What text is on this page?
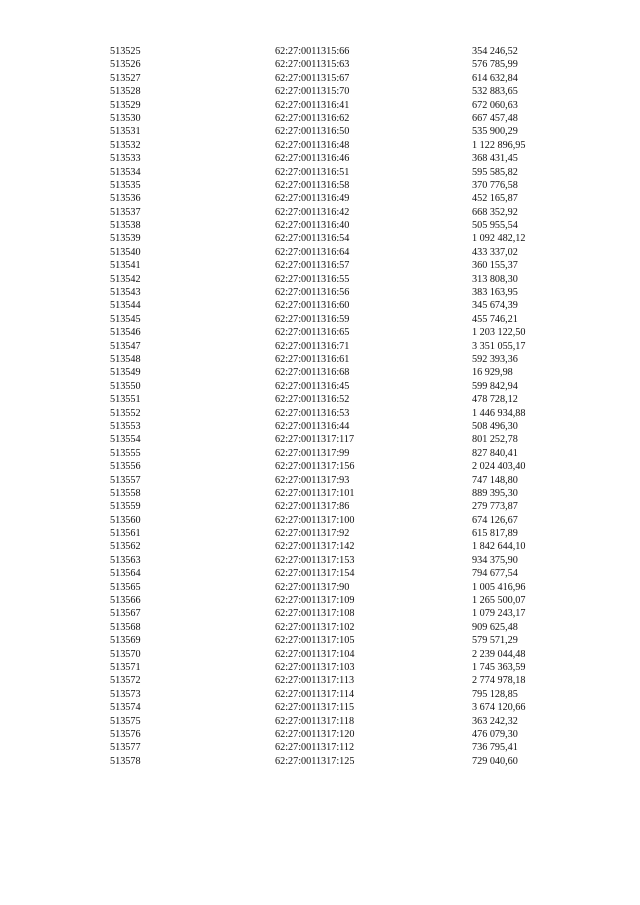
513525	62:27:0011315:66	354 246,52
513526	62:27:0011315:63	576 785,99
513527	62:27:0011315:67	614 632,84
513528	62:27:0011315:70	532 883,65
513529	62:27:0011316:41	672 060,63
513530	62:27:0011316:62	667 457,48
513531	62:27:0011316:50	535 900,29
513532	62:27:0011316:48	1 122 896,95
513533	62:27:0011316:46	368 431,45
513534	62:27:0011316:51	595 585,82
513535	62:27:0011316:58	370 776,58
513536	62:27:0011316:49	452 165,87
513537	62:27:0011316:42	668 352,92
513538	62:27:0011316:40	505 955,54
513539	62:27:0011316:54	1 092 482,12
513540	62:27:0011316:64	433 337,02
513541	62:27:0011316:57	360 155,37
513542	62:27:0011316:55	313 808,30
513543	62:27:0011316:56	383 163,95
513544	62:27:0011316:60	345 674,39
513545	62:27:0011316:59	455 746,21
513546	62:27:0011316:65	1 203 122,50
513547	62:27:0011316:71	3 351 055,17
513548	62:27:0011316:61	592 393,36
513549	62:27:0011316:68	16 929,98
513550	62:27:0011316:45	599 842,94
513551	62:27:0011316:52	478 728,12
513552	62:27:0011316:53	1 446 934,88
513553	62:27:0011316:44	508 496,30
513554	62:27:0011317:117	801 252,78
513555	62:27:0011317:99	827 840,41
513556	62:27:0011317:156	2 024 403,40
513557	62:27:0011317:93	747 148,80
513558	62:27:0011317:101	889 395,30
513559	62:27:0011317:86	279 773,87
513560	62:27:0011317:100	674 126,67
513561	62:27:0011317:92	615 817,89
513562	62:27:0011317:142	1 842 644,10
513563	62:27:0011317:153	934 375,90
513564	62:27:0011317:154	794 677,54
513565	62:27:0011317:90	1 005 416,96
513566	62:27:0011317:109	1 265 500,07
513567	62:27:0011317:108	1 079 243,17
513568	62:27:0011317:102	909 625,48
513569	62:27:0011317:105	579 571,29
513570	62:27:0011317:104	2 239 044,48
513571	62:27:0011317:103	1 745 363,59
513572	62:27:0011317:113	2 774 978,18
513573	62:27:0011317:114	795 128,85
513574	62:27:0011317:115	3 674 120,66
513575	62:27:0011317:118	363 242,32
513576	62:27:0011317:120	476 079,30
513577	62:27:0011317:112	736 795,41
513578	62:27:0011317:125	729 040,60
